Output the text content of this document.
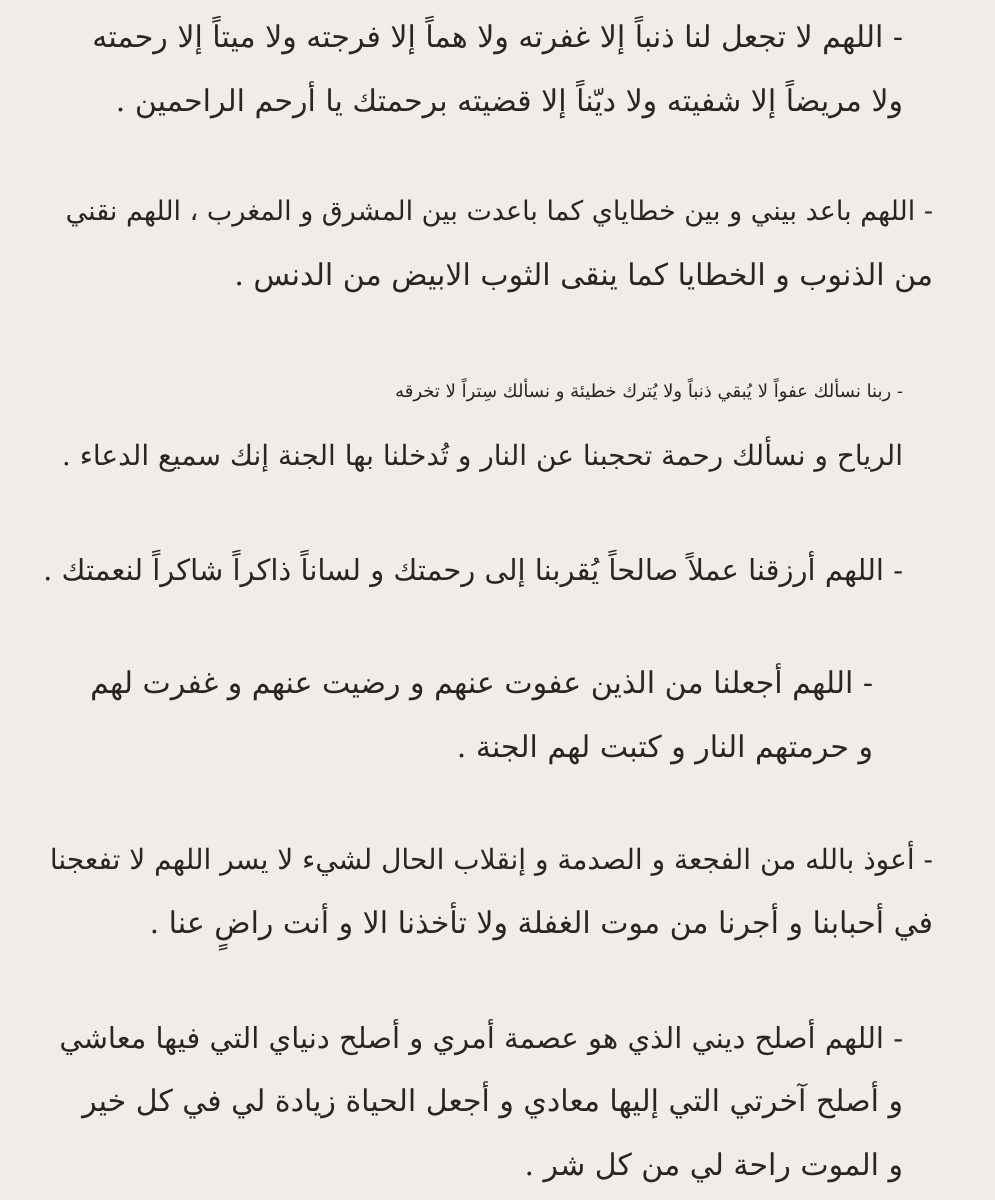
- اللهم لا تجعل لنا ذنباً إلا غفرته ولا هماً إلا فرجته ولا ميتاً إلا رحمته
ولا مريضاً إلا شفيته ولا ديّناً إلا قضيته برحمتك يا أرحم الراحمين .
- اللهم باعد بيني و بين خطاياي كما باعدت بين المشرق و المغرب ، اللهم نقني
من الذنوب و الخطايا كما ينقى الثوب الابيض من الدنس .
- ربنا نسألك عفواً لا يُبقي ذنباً ولا يُترك خطيئة و نسألك سِتراً لا تخرقه
الرياح و نسألك رحمة تحجبنا عن النار و تُدخلنا بها الجنة إنك سميع الدعاء .
- اللهم أرزقنا عملاً صالحاً يُقربنا إلى رحمتك و لساناً ذاكراً شاكراً لنعمتك .
- اللهم أجعلنا من الذين عفوت عنهم و رضيت عنهم و غفرت لهم
و حرمتهم النار و كتبت لهم الجنة .
- أعوذ بالله من الفجعة و الصدمة و إنقلاب الحال لشيء لا يسر اللهم لا تفعجنا
في أحبابنا و أجرنا من موت الغفلة ولا تأخذنا الا و أنت راضٍ عنا .
- اللهم أصلح ديني الذي هو عصمة أمري و أصلح دنياي التي فيها معاشي
و أصلح آخرتي التي إليها معادي و أجعل الحياة زيادة لي في كل خير
و الموت راحة لي من كل شر .
